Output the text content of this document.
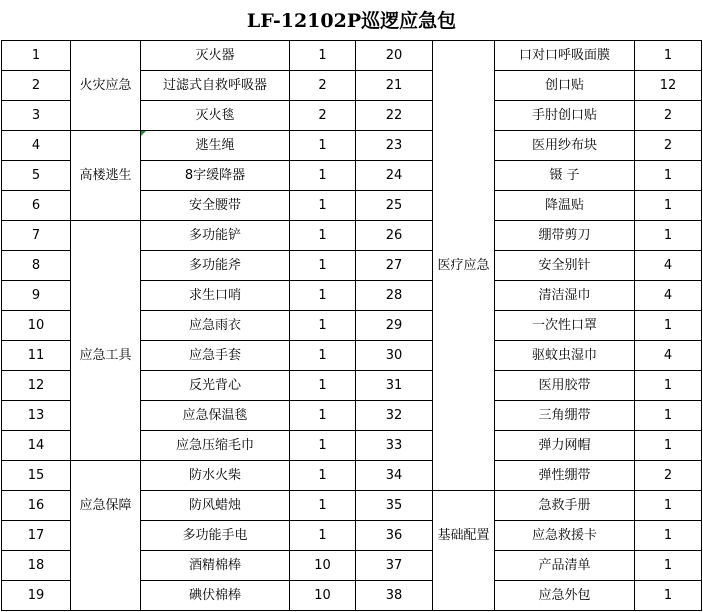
LF-12102P巡逻应急包
1		灭火器	1	20		口对口呼吸面膜	1
2	火灾应急	过滤式自救呼吸器	2	21		创口贴	12
3		灭火毯	2	22		手肘创口贴	2
4		逃生绳	1	23		医用纱布块	2
5	高楼逃生	8字缓降器	1	24		镊 子	1
6		安全腰带	1	25		降温贴	1
7		多功能铲	1	26		绷带剪刀	1
8		多功能斧	1	27	医疗应急	安全别针	4
9		求生口哨	1	28		清洁湿巾	4
10		应急雨衣	1	29		一次性口罩	1
11	应急工具	应急手套	1	30		驱蚊虫湿巾	4
12		反光背心	1	31		医用胶带	1
13		应急保温毯	1	32		三角绷带	1
14		应急压缩毛巾	1	33		弹力网帽	1
15		防水火柴	1	34		弹性绷带	2
16	应急保障	防风蜡烛	1	35		急救手册	1
17		多功能手电	1	36	基础配置	应急救援卡	1
18		酒精棉棒	10	37		产品清单	1
19		碘伏棉棒	10	38		应急外包	1
